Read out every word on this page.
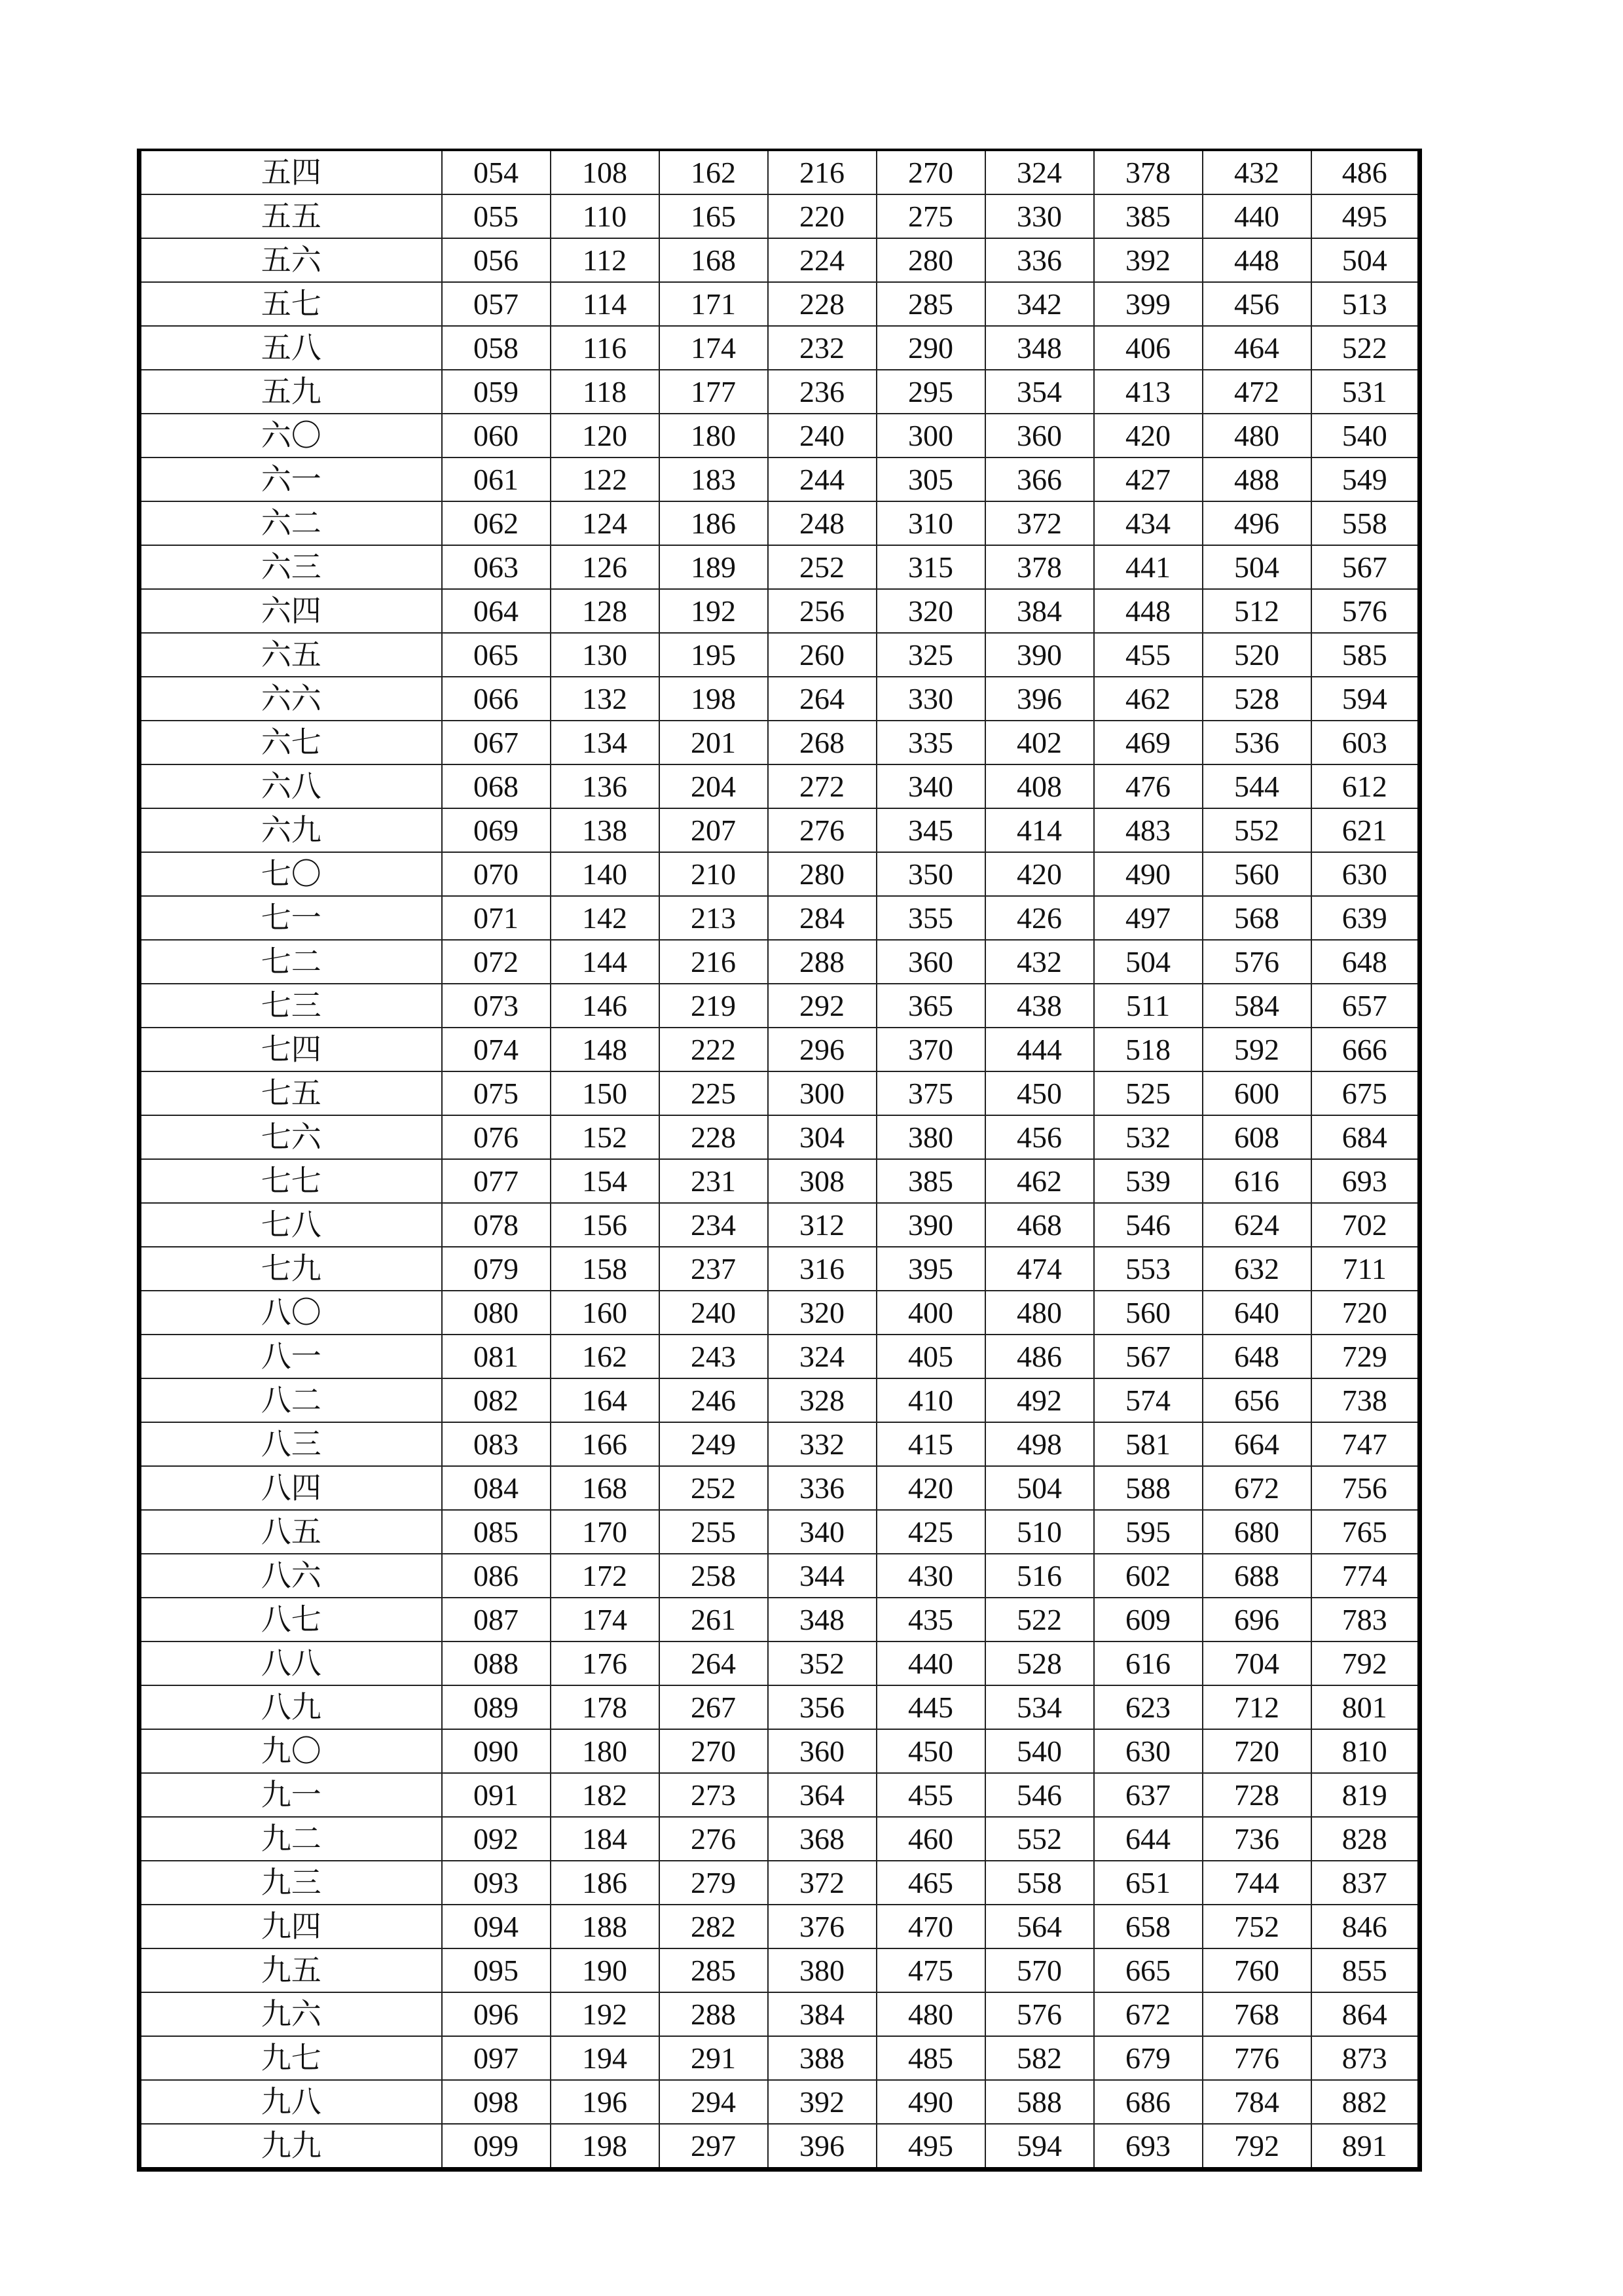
五四	054	108	162	216	270	324	378	432	486
五五	055	110	165	220	275	330	385	440	495
五六	056	112	168	224	280	336	392	448	504
五七	057	114	171	228	285	342	399	456	513
五八	058	116	174	232	290	348	406	464	522
五九	059	118	177	236	295	354	413	472	531
六〇	060	120	180	240	300	360	420	480	540
六一	061	122	183	244	305	366	427	488	549
六二	062	124	186	248	310	372	434	496	558
六三	063	126	189	252	315	378	441	504	567
六四	064	128	192	256	320	384	448	512	576
六五	065	130	195	260	325	390	455	520	585
六六	066	132	198	264	330	396	462	528	594
六七	067	134	201	268	335	402	469	536	603
六八	068	136	204	272	340	408	476	544	612
六九	069	138	207	276	345	414	483	552	621
七〇	070	140	210	280	350	420	490	560	630
七一	071	142	213	284	355	426	497	568	639
七二	072	144	216	288	360	432	504	576	648
七三	073	146	219	292	365	438	511	584	657
七四	074	148	222	296	370	444	518	592	666
七五	075	150	225	300	375	450	525	600	675
七六	076	152	228	304	380	456	532	608	684
七七	077	154	231	308	385	462	539	616	693
七八	078	156	234	312	390	468	546	624	702
七九	079	158	237	316	395	474	553	632	711
八〇	080	160	240	320	400	480	560	640	720
八一	081	162	243	324	405	486	567	648	729
八二	082	164	246	328	410	492	574	656	738
八三	083	166	249	332	415	498	581	664	747
八四	084	168	252	336	420	504	588	672	756
八五	085	170	255	340	425	510	595	680	765
八六	086	172	258	344	430	516	602	688	774
八七	087	174	261	348	435	522	609	696	783
八八	088	176	264	352	440	528	616	704	792
八九	089	178	267	356	445	534	623	712	801
九〇	090	180	270	360	450	540	630	720	810
九一	091	182	273	364	455	546	637	728	819
九二	092	184	276	368	460	552	644	736	828
九三	093	186	279	372	465	558	651	744	837
九四	094	188	282	376	470	564	658	752	846
九五	095	190	285	380	475	570	665	760	855
九六	096	192	288	384	480	576	672	768	864
九七	097	194	291	388	485	582	679	776	873
九八	098	196	294	392	490	588	686	784	882
九九	099	198	297	396	495	594	693	792	891
